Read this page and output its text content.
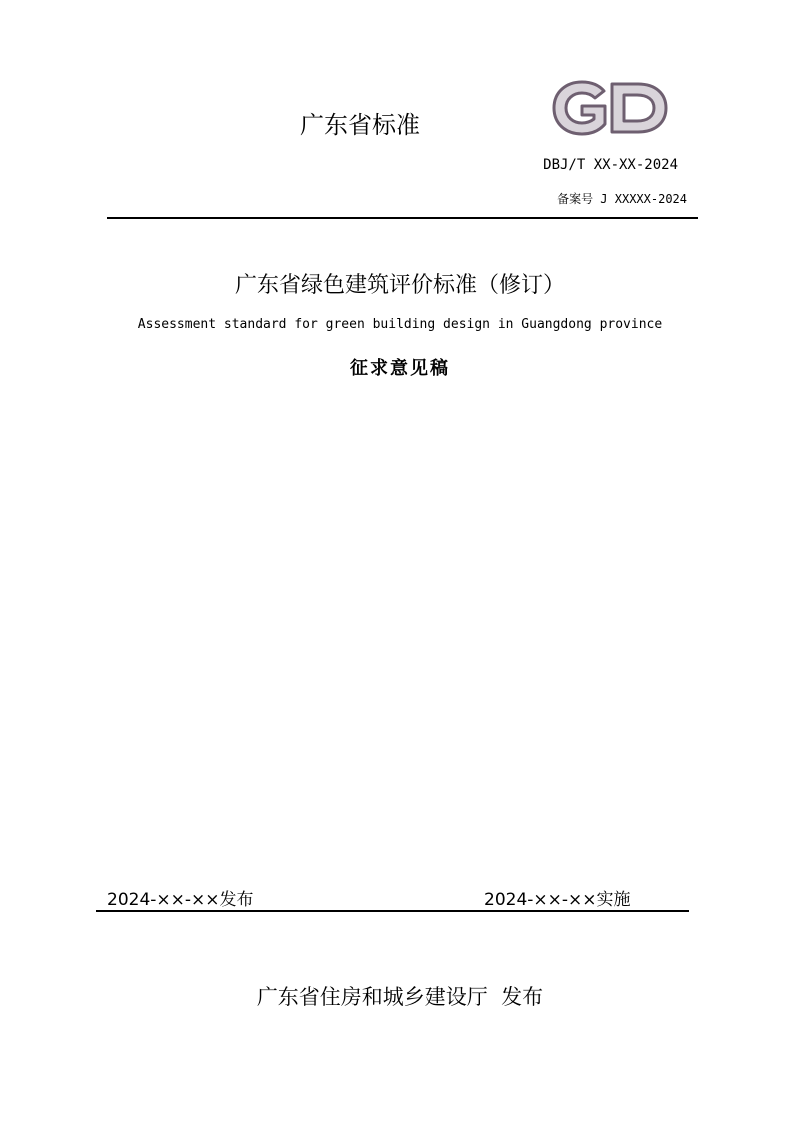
广东省标准
DBJ/T XX-XX-2024
备案号 J XXXXX-2024
广东省绿色建筑评价标准（修订）
Assessment standard for green building design in Guangdong province
征求意见稿
2024-××-××发布	2024-××-××实施
广东省住房和城乡建设厅  发布
